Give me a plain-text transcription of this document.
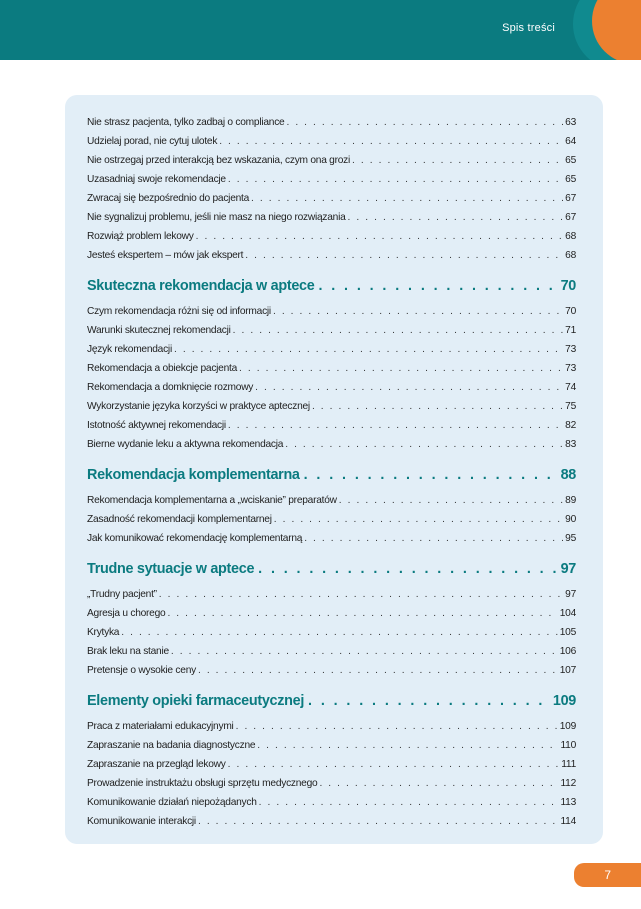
Spis treści
Nie strasz pacjenta, tylko zadbaj o compliance . . .	63
Udzielaj porad, nie cytuj ulotek . . .	64
Nie ostrzegaj przed interakcją bez wskazania, czym ona grozi . . .	65
Uzasadniaj swoje rekomendacje . . .	65
Zwracaj się bezpośrednio do pacjenta . . .	67
Nie sygnalizuj problemu, jeśli nie masz na niego rozwiązania . . .	67
Rozwiąż problem lekowy . . .	68
Jesteś ekspertem – mów jak ekspert . . .	68
Skuteczna rekomendacja w aptece . . .	70
Czym rekomendacja różni się od informacji . . .	70
Warunki skutecznej rekomendacji . . .	71
Język rekomendacji . . .	73
Rekomendacja a obiekcje pacjenta . . .	73
Rekomendacja a domknięcie rozmowy . . .	74
Wykorzystanie języka korzyści w praktyce aptecznej . . .	75
Istotność aktywnej rekomendacji . . .	82
Bierne wydanie leku a aktywna rekomendacja . . .	83
Rekomendacja komplementarna . . .	88
Rekomendacja komplementarna a „wciskanie” preparatów . . .	89
Zasadność rekomendacji komplementarnej . . .	90
Jak komunikować rekomendację komplementarną . . .	95
Trudne sytuacje w aptece . . .	97
„Trudny pacjent” . . .	97
Agresja u chorego . . .	104
Krytyka . . .	105
Brak leku na stanie . . .	106
Pretensje o wysokie ceny . . .	107
Elementy opieki farmaceutycznej . . .	109
Praca z materiałami edukacyjnymi . . .	109
Zapraszanie na badania diagnostyczne . . .	110
Zapraszanie na przegląd lekowy . . .	111
Prowadzenie instruktażu obsługi sprzętu medycznego . . .	112
Komunikowanie działań niepożądanych . . .	113
Komunikowanie interakcji . . .	114
7
